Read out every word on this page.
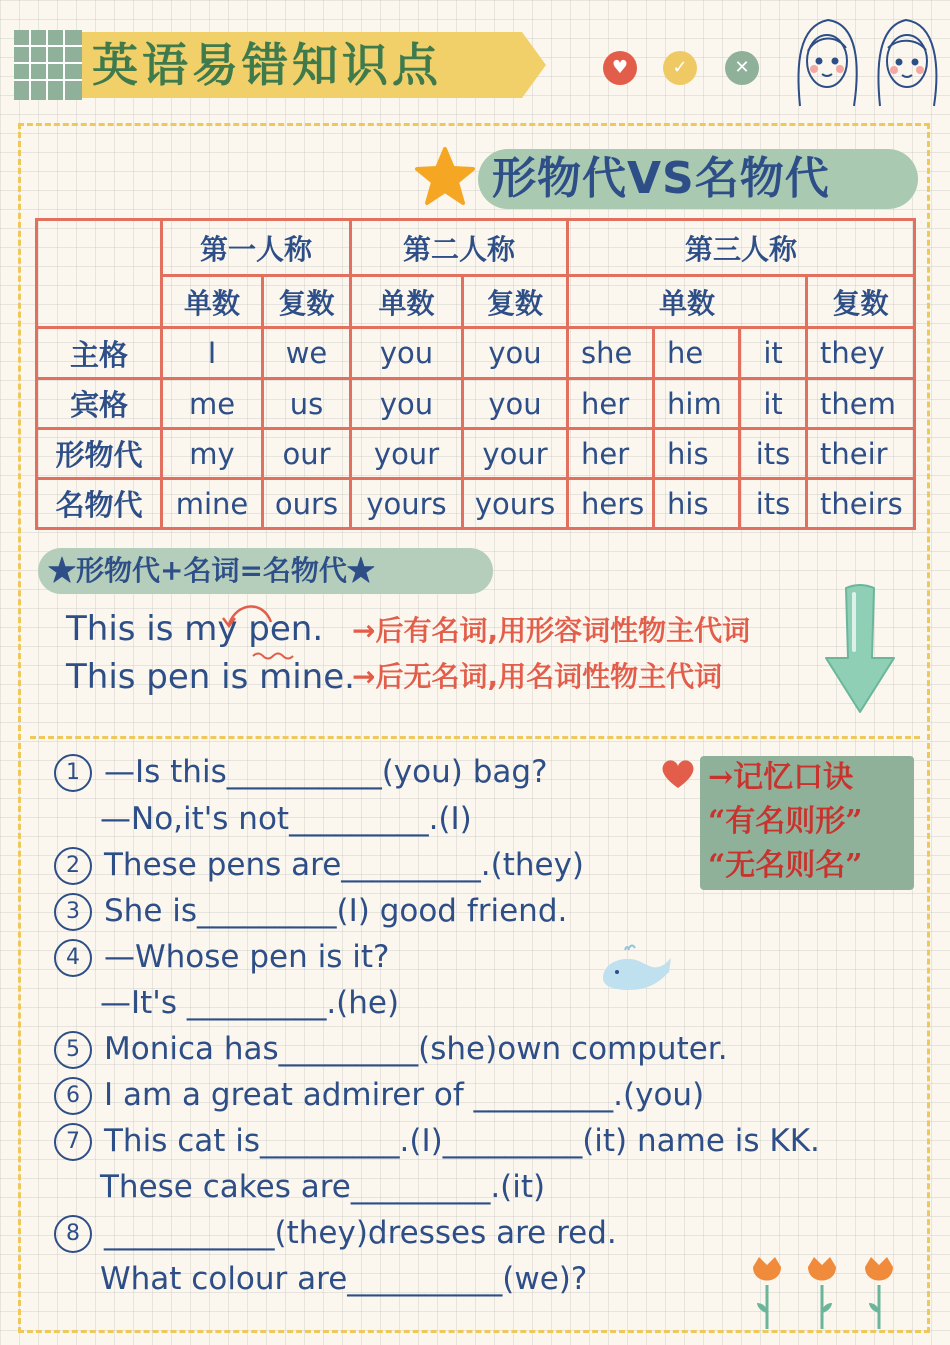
英语易错知识点	♥	✓	✕
形物代VS名物代
	第一人称		第二人称		第三人称			
	单数	复数	单数	复数	单数			复数
主格	I	we	you	you	she	he	it	they
宾格	me	us	you	you	her	him	it	them
形物代	my	our	your	your	her	his	its	their
名物代	mine	ours	yours	yours	hers	his	its	theirs
★形物代+名词=名物代★
This is my pen. →后有名词,用形容词性物主代词
This pen is mine.
→后无名词,用名词性物主代词
1 —Is this__________(you) bag?
—No,it's not_________.(I)
2 These pens are_________.(they)
3 She is_________(I) good friend.
4 —Whose pen is it?
—It's _________.(he)
5 Monica has_________(she)own computer.
6 I am a great admirer of _________.(you)
7 This cat is_________.(I)_________(it) name is KK.
These cakes are_________.(it)
8 ___________(they)dresses are red.
What colour are__________(we)?
→记忆口诀
“有名则形”
“无名则名”
